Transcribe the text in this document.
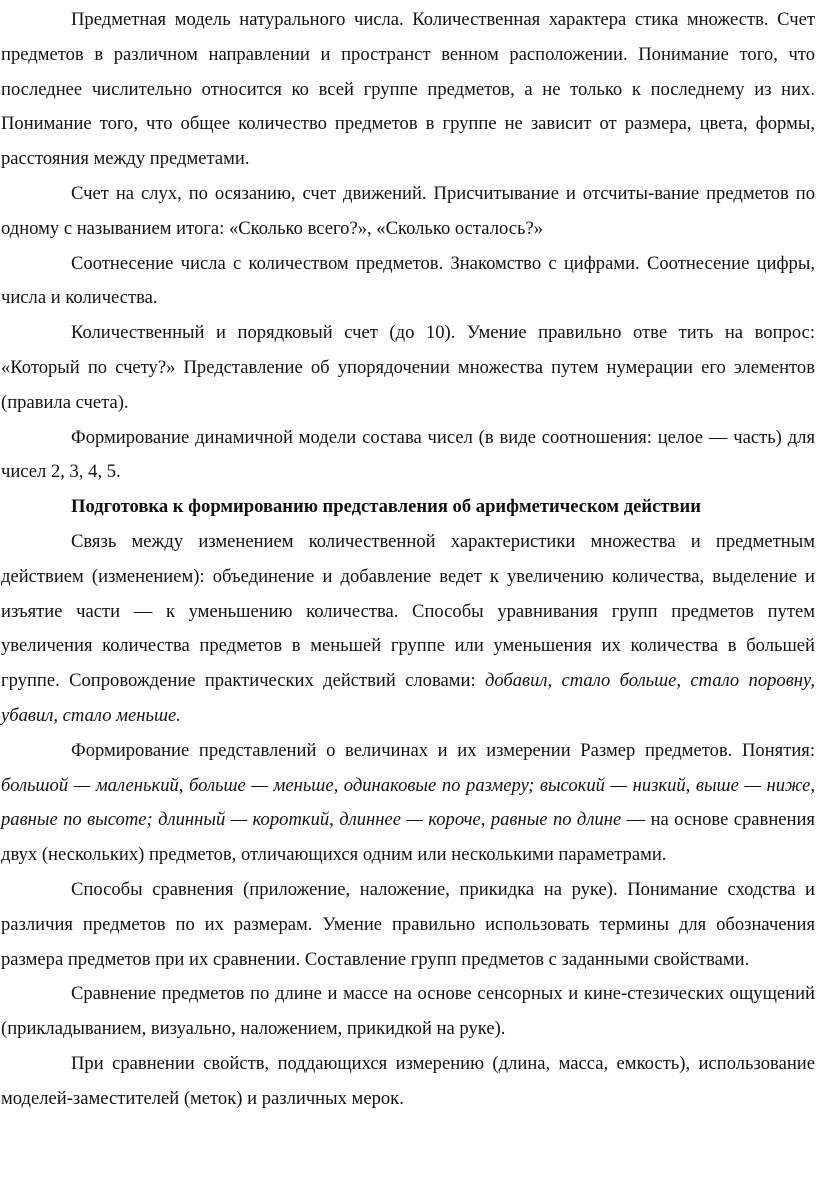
Предметная модель натурального числа. Количественная характера стика множеств. Счет предметов в различном направлении и пространст венном расположении. Понимание того, что последнее числительно относится ко всей группе предметов, а не только к последнему из них. Понимание того, что общее количество предметов в группе не зависит от размера, цвета, формы, расстояния между предметами.

Счет на слух, по осязанию, счет движений. Присчитывание и отсчиты-вание предметов по одному с называнием итога: «Сколько всего?», «Сколько осталось?»

Соотнесение числа с количеством предметов. Знакомство с цифрами. Соотнесение цифры, числа и количества.

Количественный и порядковый счет (до 10). Умение правильно отве тить на вопрос: «Который по счету?» Представление об упорядочении множества путем нумерации его элементов (правила счета).

Формирование динамичной модели состава чисел (в виде соотношения: целое — часть) для чисел 2, 3, 4, 5.

Подготовка к формированию представления об арифметическом действии

Связь между изменением количественной характеристики множества и предметным действием (изменением): объединение и добавление ведет к увеличению количества, выделение и изъятие части — к уменьшению количества. Способы уравнивания групп предметов путем увеличения количества предметов в меньшей группе или уменьшения их количества в большей группе. Сопровождение практических действий словами: добавил, стало больше, стало поровну, убавил, стало меньше.

Формирование представлений о величинах и их измерении Размер предметов. Понятия: большой — маленький, больше — меньше, одинаковые по размеру; высокий — низкий, выше — ниже, равные по высоте; длинный — короткий, длиннее — короче, равные по длине — на основе сравнения двух (нескольких) предметов, отличающихся одним или несколькими параметрами.

Способы сравнения (приложение, наложение, прикидка на руке). Понимание сходства и различия предметов по их размерам. Умение правильно использовать термины для обозначения размера предметов при их сравнении. Составление групп предметов с заданными свойствами.

Сравнение предметов по длине и массе на основе сенсорных и кине-стезических ощущений (прикладыванием, визуально, наложением, прикидкой на руке).

При сравнении свойств, поддающихся измерению (длина, масса, емкость), использование моделей-заместителей (меток) и различных мерок.
